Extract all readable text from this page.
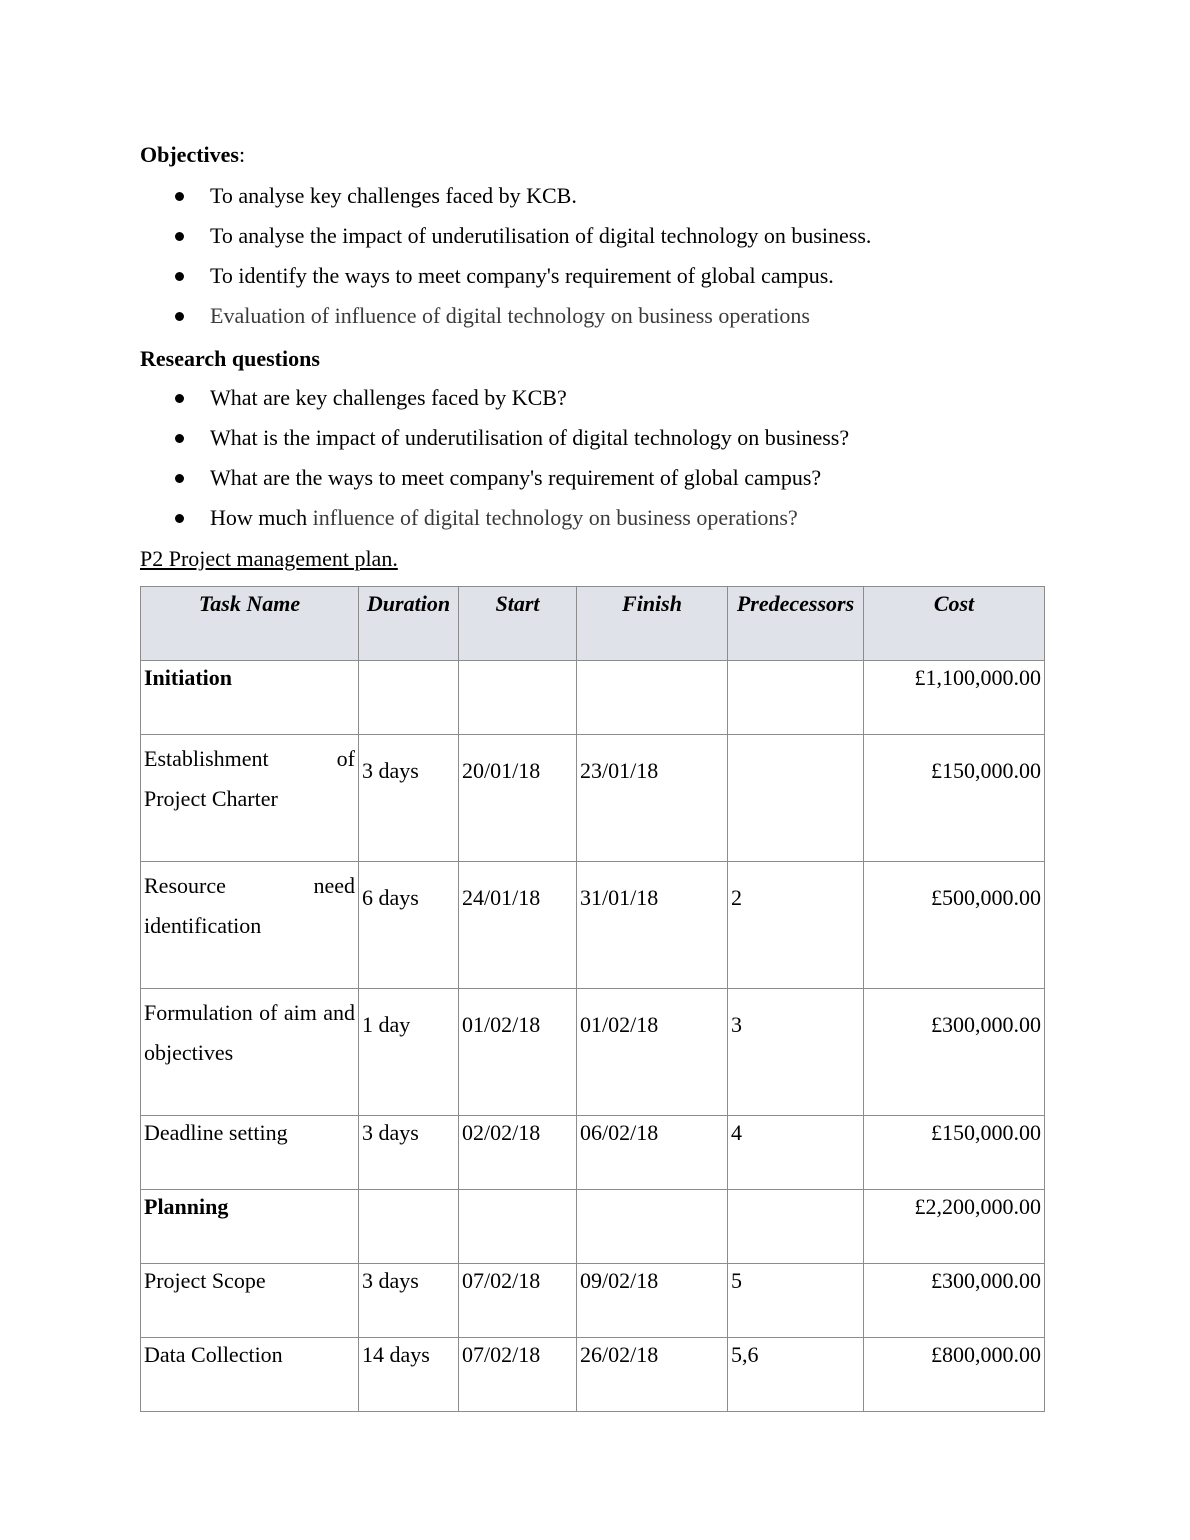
Objectives:
To analyse key challenges faced by KCB.
To analyse the impact of underutilisation of digital technology on business.
To identify the ways to meet company's requirement of global campus.
Evaluation of influence of digital technology on business operations
Research questions
What are key challenges faced by KCB?
What is the impact of underutilisation of digital technology on business?
What are the ways to meet company's requirement of global campus?
How much influence of digital technology on business operations?
P2 Project management plan.
Task Name	Duration	Start	Finish	Predecessors	Cost
Initiation					£1,100,000.00
Establishment of Project Charter	3 days	20/01/18	23/01/18		£150,000.00
Resource need identification	6 days	24/01/18	31/01/18	2	£500,000.00
Formulation of aim and objectives	1 day	01/02/18	01/02/18	3	£300,000.00
Deadline setting	3 days	02/02/18	06/02/18	4	£150,000.00
Planning					£2,200,000.00
Project Scope	3 days	07/02/18	09/02/18	5	£300,000.00
Data Collection	14 days	07/02/18	26/02/18	5,6	£800,000.00
